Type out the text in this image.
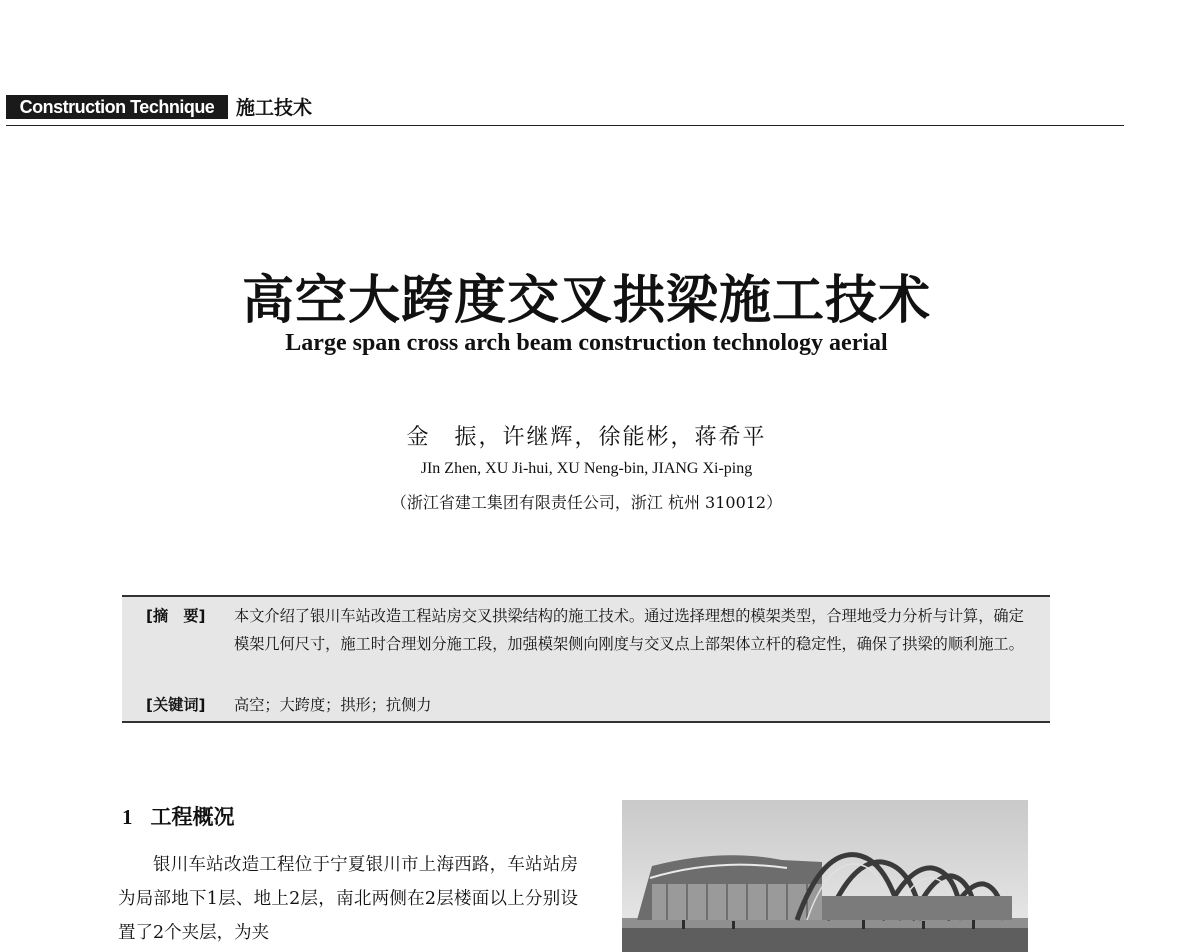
Construction Technique	施工技术
高空大跨度交叉拱梁施工技术
Large span cross arch beam construction technology aerial
金　振，许继辉，徐能彬，蒋希平
JIn Zhen, XU Ji-hui, XU Neng-bin, JIANG Xi-ping
（浙江省建工集团有限责任公司，浙江 杭州 310012）
[摘　要] 本文介绍了银川车站改造工程站房交叉拱梁结构的施工技术。通过选择理想的模架类型，合理地受力分析与计算，确定模架几何尺寸，施工时合理划分施工段，加强模架侧向刚度与交叉点上部架体立杆的稳定性，确保了拱梁的顺利施工。
[关键词] 高空；大跨度；拱形；抗侧力
1 工程概况
银川车站改造工程位于宁夏银川市上海西路，车站站房为局部地下1层、地上2层，南北两侧在2层楼面以上分别设置了2个夹层，为夹
